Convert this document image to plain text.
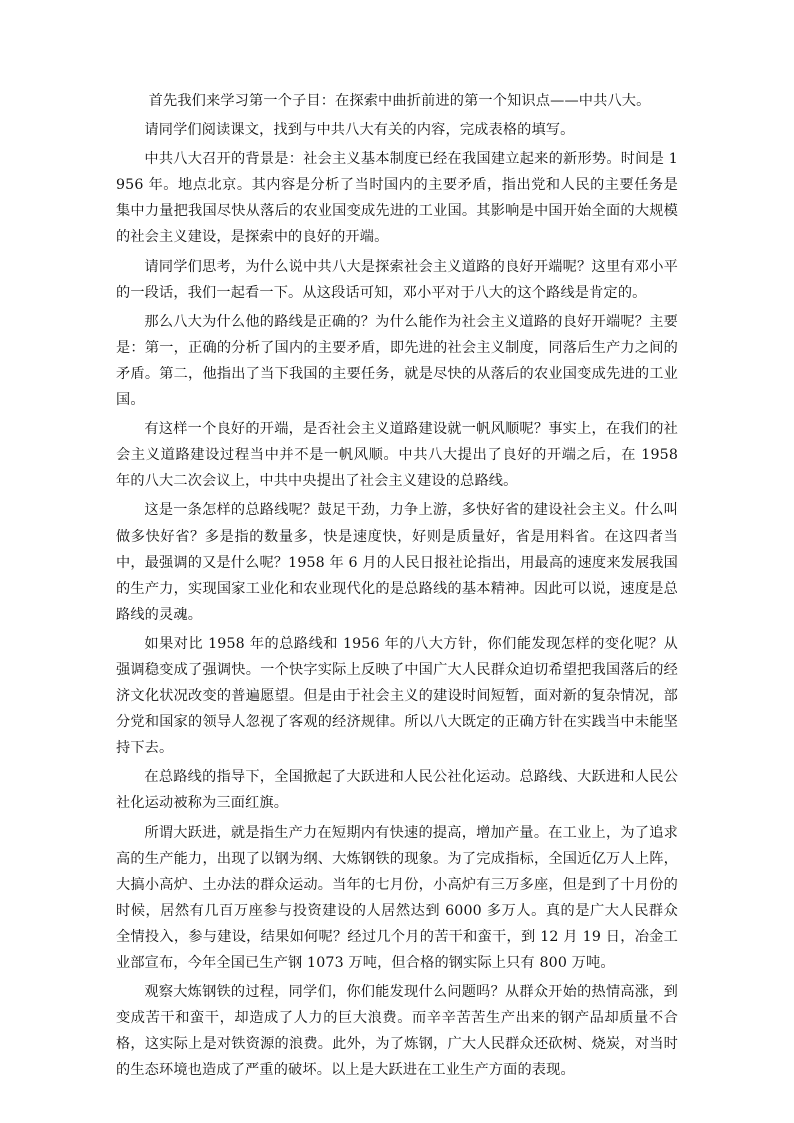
首先我们来学习第一个子目：在探索中曲折前进的第一个知识点——中共八大。

请同学们阅读课文，找到与中共八大有关的内容，完成表格的填写。

中共八大召开的背景是：社会主义基本制度已经在我国建立起来的新形势。时间是 1956 年。地点北京。其内容是分析了当时国内的主要矛盾，指出党和人民的主要任务是集中力量把我国尽快从落后的农业国变成先进的工业国。其影响是中国开始全面的大规模的社会主义建设，是探索中的良好的开端。

请同学们思考，为什么说中共八大是探索社会主义道路的良好开端呢？这里有邓小平的一段话，我们一起看一下。从这段话可知，邓小平对于八大的这个路线是肯定的。

那么八大为什么他的路线是正确的？为什么能作为社会主义道路的良好开端呢？主要是：第一，正确的分析了国内的主要矛盾，即先进的社会主义制度，同落后生产力之间的矛盾。第二，他指出了当下我国的主要任务，就是尽快的从落后的农业国变成先进的工业国。

有这样一个良好的开端，是否社会主义道路建设就一帆风顺呢？事实上，在我们的社会主义道路建设过程当中并不是一帆风顺。中共八大提出了良好的开端之后，在 1958 年的八大二次会议上，中共中央提出了社会主义建设的总路线。

这是一条怎样的总路线呢？鼓足干劲，力争上游，多快好省的建设社会主义。什么叫做多快好省？多是指的数量多，快是速度快，好则是质量好，省是用料省。在这四者当中，最强调的又是什么呢？1958 年 6 月的人民日报社论指出，用最高的速度来发展我国的生产力，实现国家工业化和农业现代化的是总路线的基本精神。因此可以说，速度是总路线的灵魂。

如果对比 1958 年的总路线和 1956 年的八大方针，你们能发现怎样的变化呢？从强调稳变成了强调快。一个快字实际上反映了中国广大人民群众迫切希望把我国落后的经济文化状况改变的普遍愿望。但是由于社会主义的建设时间短暂，面对新的复杂情况，部分党和国家的领导人忽视了客观的经济规律。所以八大既定的正确方针在实践当中未能坚持下去。

在总路线的指导下，全国掀起了大跃进和人民公社化运动。总路线、大跃进和人民公社化运动被称为三面红旗。

所谓大跃进，就是指生产力在短期内有快速的提高，增加产量。在工业上，为了追求高的生产能力，出现了以钢为纲、大炼钢铁的现象。为了完成指标，全国近亿万人上阵，大搞小高炉、土办法的群众运动。当年的七月份，小高炉有三万多座，但是到了十月份的时候，居然有几百万座参与投资建设的人居然达到 6000 多万人。真的是广大人民群众全情投入，参与建设，结果如何呢？经过几个月的苦干和蛮干，到 12 月 19 日，冶金工业部宣布，今年全国已生产钢 1073 万吨，但合格的钢实际上只有 800 万吨。

观察大炼钢铁的过程，同学们，你们能发现什么问题吗？从群众开始的热情高涨，到变成苦干和蛮干，却造成了人力的巨大浪费。而辛辛苦苦生产出来的钢产品却质量不合格，这实际上是对铁资源的浪费。此外，为了炼钢，广大人民群众还砍树、烧炭，对当时的生态环境也造成了严重的破坏。以上是大跃进在工业生产方面的表现。
